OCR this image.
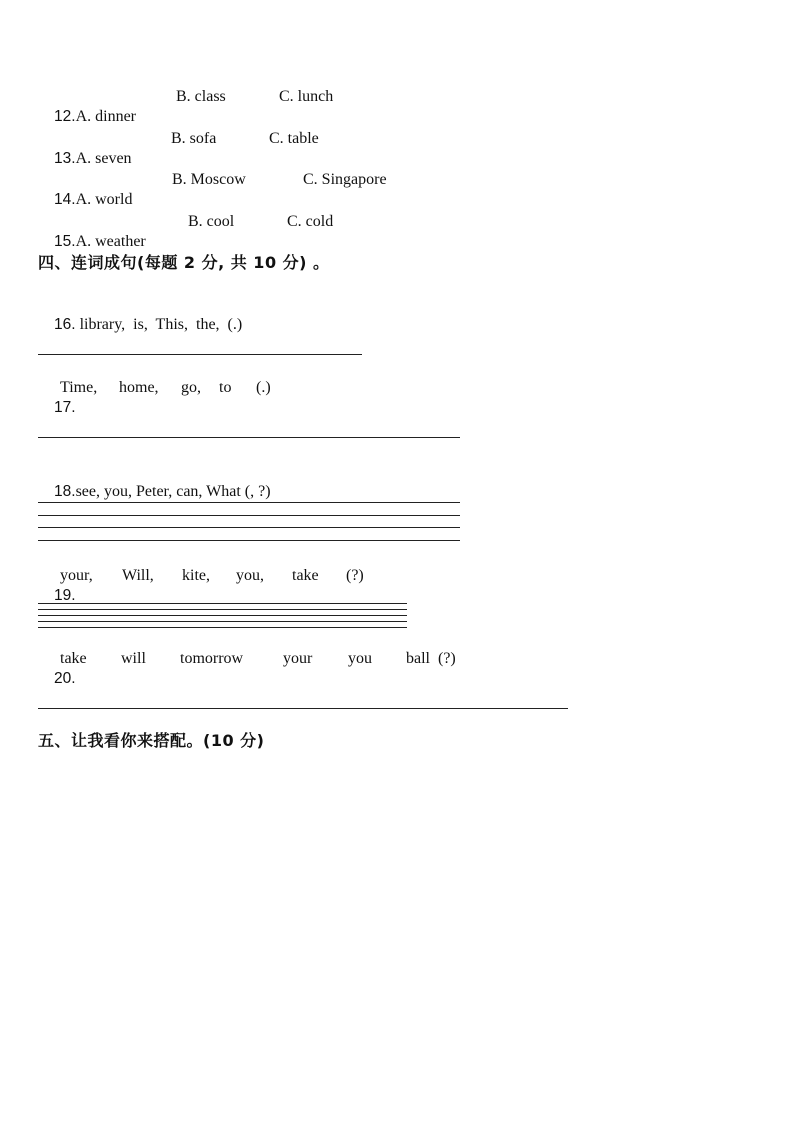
12.A. dinner

B. class

	C. lunch

13.A. seven

B. sofa

	C. table

14.A. world

B. Moscow

	C. Singapore

15.A. weather

B. cool

	C. cold

四、连词成句(每题 2 分, 共 10 分) 。

16. library,  is,  This,  the,  (.)

17.

Time,

home,

go,

to

(.)

18.see, you, Peter, can, What (, ?)

19.

your,

Will,

kite,

you,

take

(?)

20.

take

will

tomorrow

your

you

ball  (?)

五、让我看你来搭配。(10 分)
